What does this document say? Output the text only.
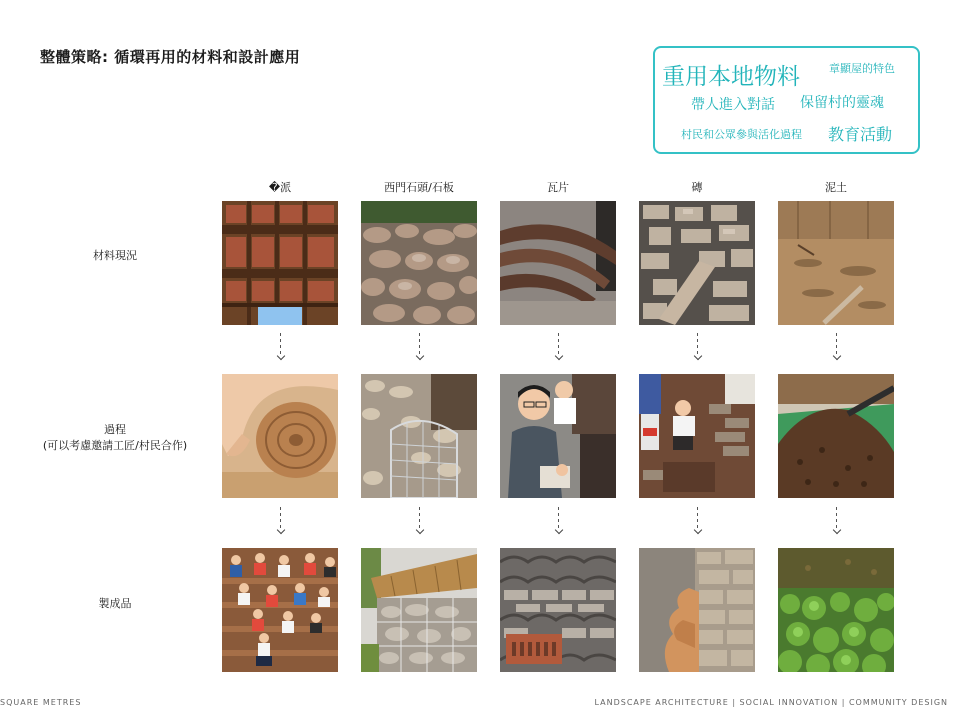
整體策略: 循環再用的材料和設計應用
重用本地物料	章顯屋的特色
帶人進入對話 保留村的靈魂
村民和公眾參與活化過程 教育活動
�派	西門石頭/石板	瓦片	磚	泥土
材料現況
過程
(可以考慮邀請工匠/村民合作)
製成品
SQUARE METRES	LANDSCAPE ARCHITECTURE | SOCIAL INNOVATION | COMMUNITY DESIGN
